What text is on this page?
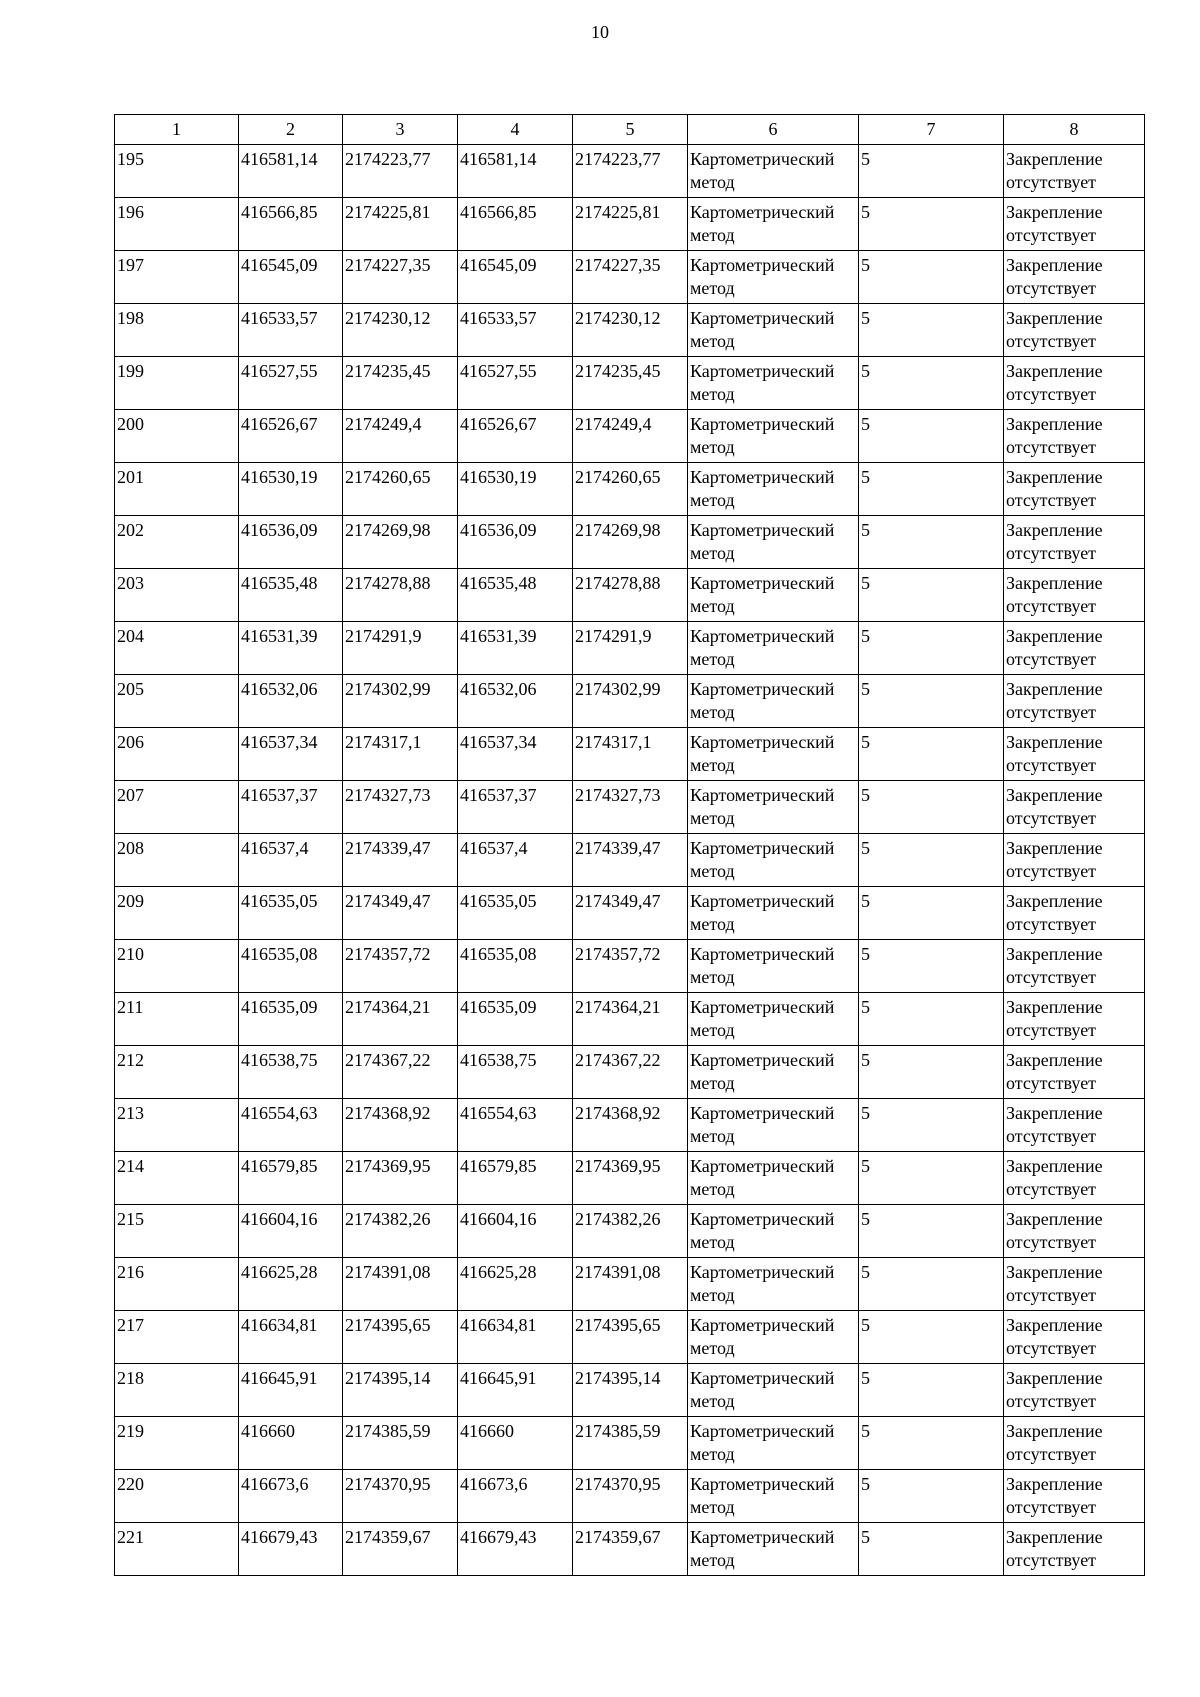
10
1	2	3	4	5	6	7	8
195	416581,14	2174223,77	416581,14	2174223,77	Картометрический метод	5	Закрепление отсутствует
196	416566,85	2174225,81	416566,85	2174225,81	Картометрический метод	5	Закрепление отсутствует
197	416545,09	2174227,35	416545,09	2174227,35	Картометрический метод	5	Закрепление отсутствует
198	416533,57	2174230,12	416533,57	2174230,12	Картометрический метод	5	Закрепление отсутствует
199	416527,55	2174235,45	416527,55	2174235,45	Картометрический метод	5	Закрепление отсутствует
200	416526,67	2174249,4	416526,67	2174249,4	Картометрический метод	5	Закрепление отсутствует
201	416530,19	2174260,65	416530,19	2174260,65	Картометрический метод	5	Закрепление отсутствует
202	416536,09	2174269,98	416536,09	2174269,98	Картометрический метод	5	Закрепление отсутствует
203	416535,48	2174278,88	416535,48	2174278,88	Картометрический метод	5	Закрепление отсутствует
204	416531,39	2174291,9	416531,39	2174291,9	Картометрический метод	5	Закрепление отсутствует
205	416532,06	2174302,99	416532,06	2174302,99	Картометрический метод	5	Закрепление отсутствует
206	416537,34	2174317,1	416537,34	2174317,1	Картометрический метод	5	Закрепление отсутствует
207	416537,37	2174327,73	416537,37	2174327,73	Картометрический метод	5	Закрепление отсутствует
208	416537,4	2174339,47	416537,4	2174339,47	Картометрический метод	5	Закрепление отсутствует
209	416535,05	2174349,47	416535,05	2174349,47	Картометрический метод	5	Закрепление отсутствует
210	416535,08	2174357,72	416535,08	2174357,72	Картометрический метод	5	Закрепление отсутствует
211	416535,09	2174364,21	416535,09	2174364,21	Картометрический метод	5	Закрепление отсутствует
212	416538,75	2174367,22	416538,75	2174367,22	Картометрический метод	5	Закрепление отсутствует
213	416554,63	2174368,92	416554,63	2174368,92	Картометрический метод	5	Закрепление отсутствует
214	416579,85	2174369,95	416579,85	2174369,95	Картометрический метод	5	Закрепление отсутствует
215	416604,16	2174382,26	416604,16	2174382,26	Картометрический метод	5	Закрепление отсутствует
216	416625,28	2174391,08	416625,28	2174391,08	Картометрический метод	5	Закрепление отсутствует
217	416634,81	2174395,65	416634,81	2174395,65	Картометрический метод	5	Закрепление отсутствует
218	416645,91	2174395,14	416645,91	2174395,14	Картометрический метод	5	Закрепление отсутствует
219	416660	2174385,59	416660	2174385,59	Картометрический метод	5	Закрепление отсутствует
220	416673,6	2174370,95	416673,6	2174370,95	Картометрический метод	5	Закрепление отсутствует
221	416679,43	2174359,67	416679,43	2174359,67	Картометрический метод	5	Закрепление отсутствует
